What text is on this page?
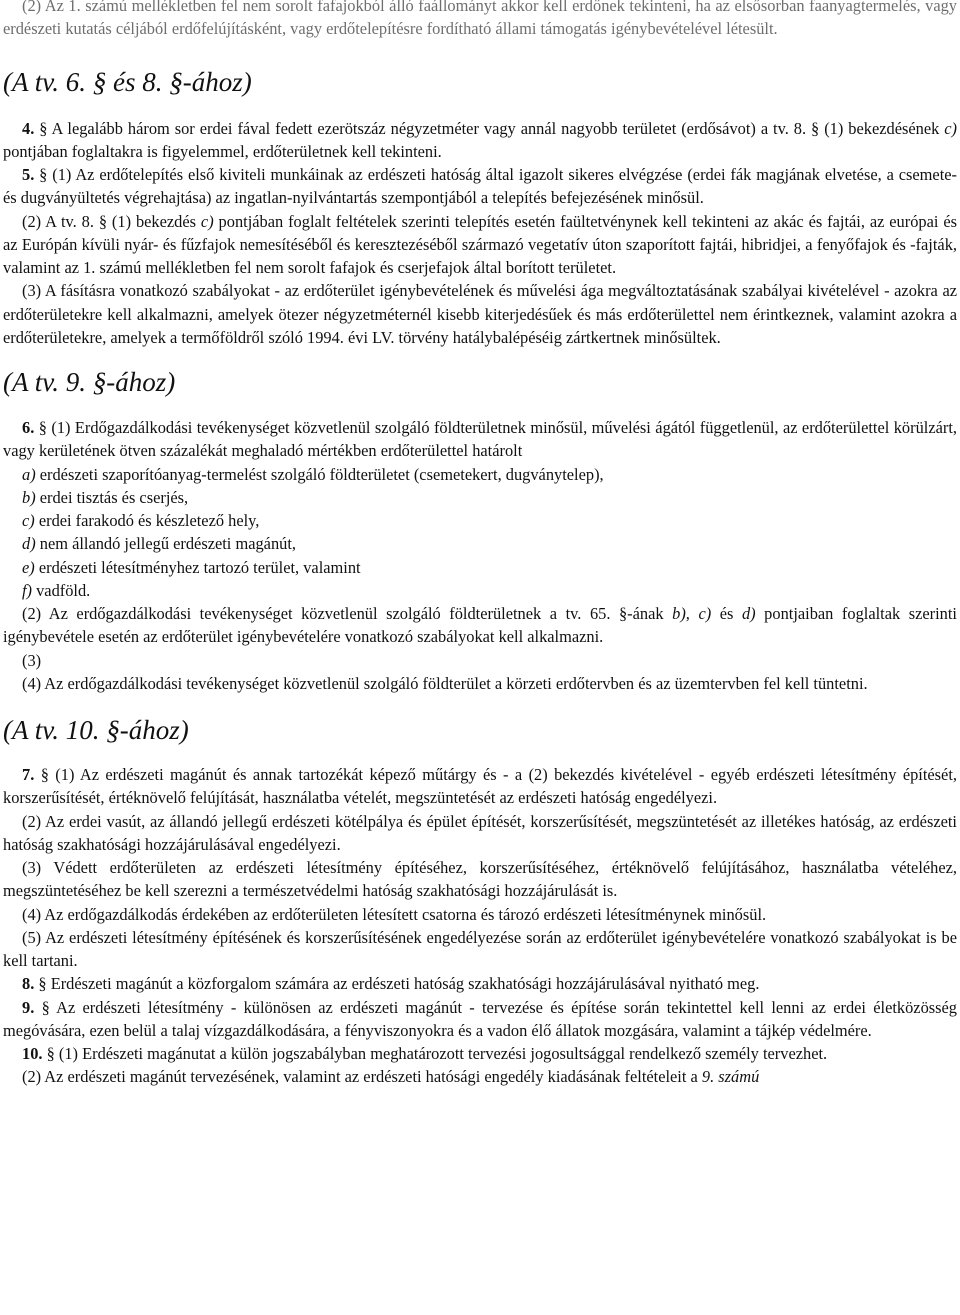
(2) Az 1. számú mellékletben fel nem sorolt fafajokból álló faállományt akkor kell erdőnek tekinteni, ha az elsősorban faanyagtermelés, vagy erdészeti kutatás céljából erdőfelújításként, vagy erdőtelepítésre fordítható állami támogatás igénybevételével létesült.

(A tv. 6. § és 8. §-ához)

4. § A legalább három sor erdei fával fedett ezerötszáz négyzetméter vagy annál nagyobb területet (erdősávot) a tv. 8. § (1) bekezdésének c) pontjában foglaltakra is figyelemmel, erdőterületnek kell tekinteni.

5. § (1) Az erdőtelepítés első kiviteli munkáinak az erdészeti hatóság által igazolt sikeres elvégzése (erdei fák magjának elvetése, a csemete- és dugványültetés végrehajtása) az ingatlan-nyilvántartás szempontjából a telepítés befejezésének minősül.

(2) A tv. 8. § (1) bekezdés c) pontjában foglalt feltételek szerinti telepítés esetén faültetvénynek kell tekinteni az akác és fajtái, az európai és az Európán kívüli nyár- és fűzfajok nemesítéséből és keresztezéséből származó vegetatív úton szaporított fajtái, hibridjei, a fenyőfajok és -fajták, valamint az 1. számú mellékletben fel nem sorolt fafajok és cserjefajok által borított területet.

(3) A fásításra vonatkozó szabályokat - az erdőterület igénybevételének és művelési ága megváltoztatásának szabályai kivételével - azokra az erdőterületekre kell alkalmazni, amelyek ötezer négyzetméternél kisebb kiterjedésűek és más erdőterülettel nem érintkeznek, valamint azokra a erdőterületekre, amelyek a termőföldről szóló 1994. évi LV. törvény hatálybalépéséig zártkertnek minősültek.

(A tv. 9. §-ához)

6. § (1) Erdőgazdálkodási tevékenységet közvetlenül szolgáló földterületnek minősül, művelési ágától függetlenül, az erdőterülettel körülzárt, vagy kerületének ötven százalékát meghaladó mértékben erdőterülettel határolt

a) erdészeti szaporítóanyag-termelést szolgáló földterületet (csemetekert, dugványtelep),

b) erdei tisztás és cserjés,

c) erdei farakodó és készletező hely,

d) nem állandó jellegű erdészeti magánút,

e) erdészeti létesítményhez tartozó terület, valamint

f) vadföld.

(2) Az erdőgazdálkodási tevékenységet közvetlenül szolgáló földterületnek a tv. 65. §-ának b), c) és d) pontjaiban foglaltak szerinti igénybevétele esetén az erdőterület igénybevételére vonatkozó szabályokat kell alkalmazni.

(3)

(4) Az erdőgazdálkodási tevékenységet közvetlenül szolgáló földterület a körzeti erdőtervben és az üzemtervben fel kell tüntetni.

(A tv. 10. §-ához)

7. § (1) Az erdészeti magánút és annak tartozékát képező műtárgy és - a (2) bekezdés kivételével - egyéb erdészeti létesítmény építését, korszerűsítését, értéknövelő felújítását, használatba vételét, megszüntetését az erdészeti hatóság engedélyezi.

(2) Az erdei vasút, az állandó jellegű erdészeti kötélpálya és épület építését, korszerűsítését, megszüntetését az illetékes hatóság, az erdészeti hatóság szakhatósági hozzájárulásával engedélyezi.

(3) Védett erdőterületen az erdészeti létesítmény építéséhez, korszerűsítéséhez, értéknövelő felújításához, használatba vételéhez, megszüntetéséhez be kell szerezni a természetvédelmi hatóság szakhatósági hozzájárulását is.

(4) Az erdőgazdálkodás érdekében az erdőterületen létesített csatorna és tározó erdészeti létesítménynek minősül.

(5) Az erdészeti létesítmény építésének és korszerűsítésének engedélyezése során az erdőterület igénybevételére vonatkozó szabályokat is be kell tartani.

8. § Erdészeti magánút a közforgalom számára az erdészeti hatóság szakhatósági hozzájárulásával nyitható meg.

9. § Az erdészeti létesítmény - különösen az erdészeti magánút - tervezése és építése során tekintettel kell lenni az erdei életközösség megóvására, ezen belül a talaj vízgazdálkodására, a fényviszonyokra és a vadon élő állatok mozgására, valamint a tájkép védelmére.

10. § (1) Erdészeti magánutat a külön jogszabályban meghatározott tervezési jogosultsággal rendelkező személy tervezhet.

(2) Az erdészeti magánút tervezésének, valamint az erdészeti hatósági engedély kiadásának feltételeit a 9. számú
